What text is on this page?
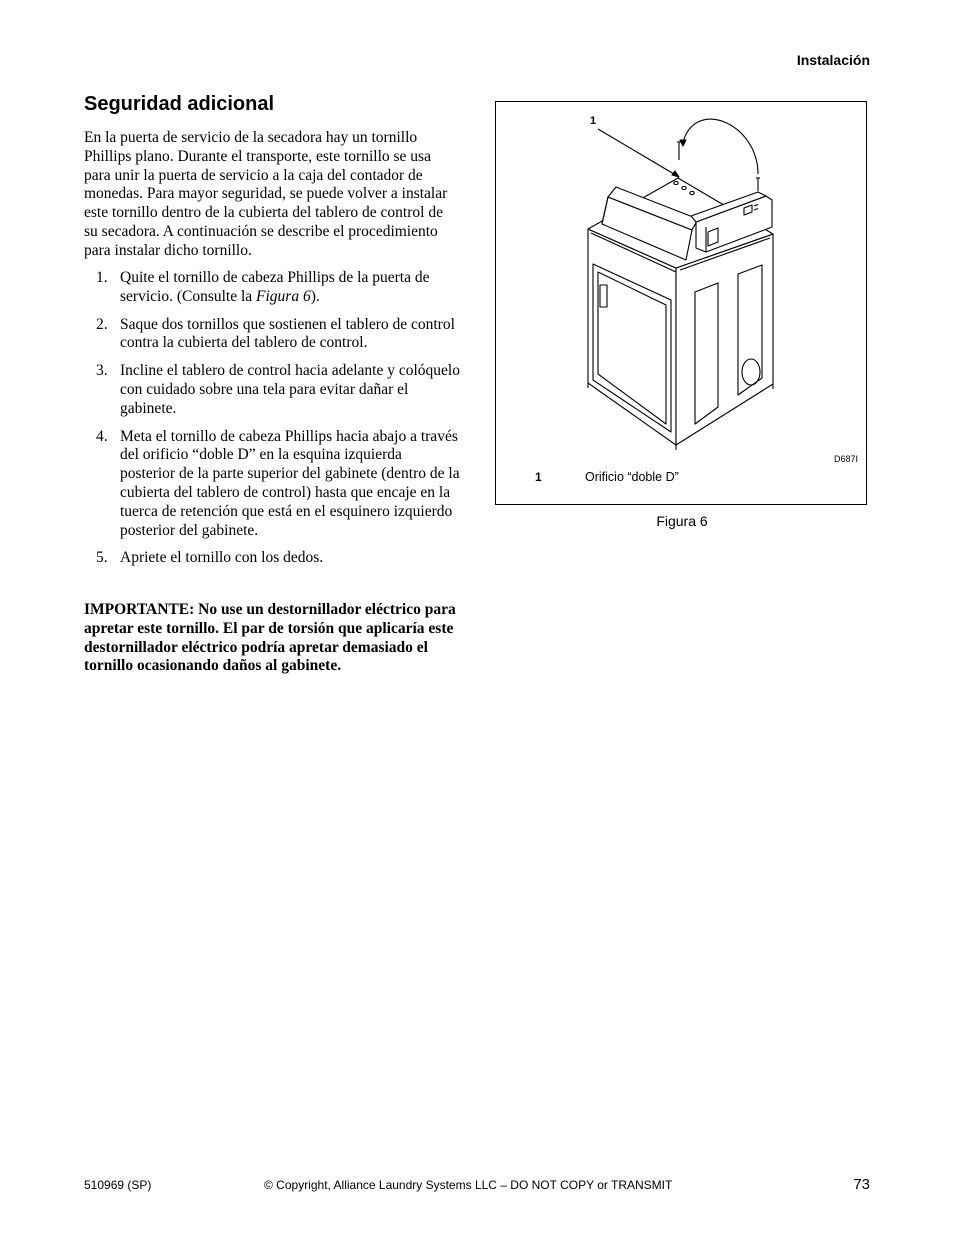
Instalación
Seguridad adicional

En la puerta de servicio de la secadora hay un tornillo Phillips plano. Durante el transporte, este tornillo se usa para unir la puerta de servicio a la caja del contador de monedas. Para mayor seguridad, se puede volver a instalar este tornillo dentro de la cubierta del tablero de control de su secadora. A continuación se describe el procedimiento para instalar dicho tornillo.

1. Quite el tornillo de cabeza Phillips de la puerta de servicio. (Consulte la Figura 6).
2. Saque dos tornillos que sostienen el tablero de control contra la cubierta del tablero de control.
3. Incline el tablero de control hacia adelante y colóquelo con cuidado sobre una tela para evitar dañar el gabinete.
4. Meta el tornillo de cabeza Phillips hacia abajo a través del orificio “doble D” en la esquina izquierda posterior de la parte superior del gabinete (dentro de la cubierta del tablero de control) hasta que encaje en la tuerca de retención que está en el esquinero izquierdo posterior del gabinete.
5. Apriete el tornillo con los dedos.

IMPORTANTE: No use un destornillador eléctrico para apretar este tornillo. El par de torsión que aplicaría este destornillador eléctrico podría apretar demasiado el tornillo ocasionando daños al gabinete.

1
D687I
1	Orificio “doble D”
Figura 6
510969 (SP)	© Copyright, Alliance Laundry Systems LLC – DO NOT COPY or TRANSMIT	73
